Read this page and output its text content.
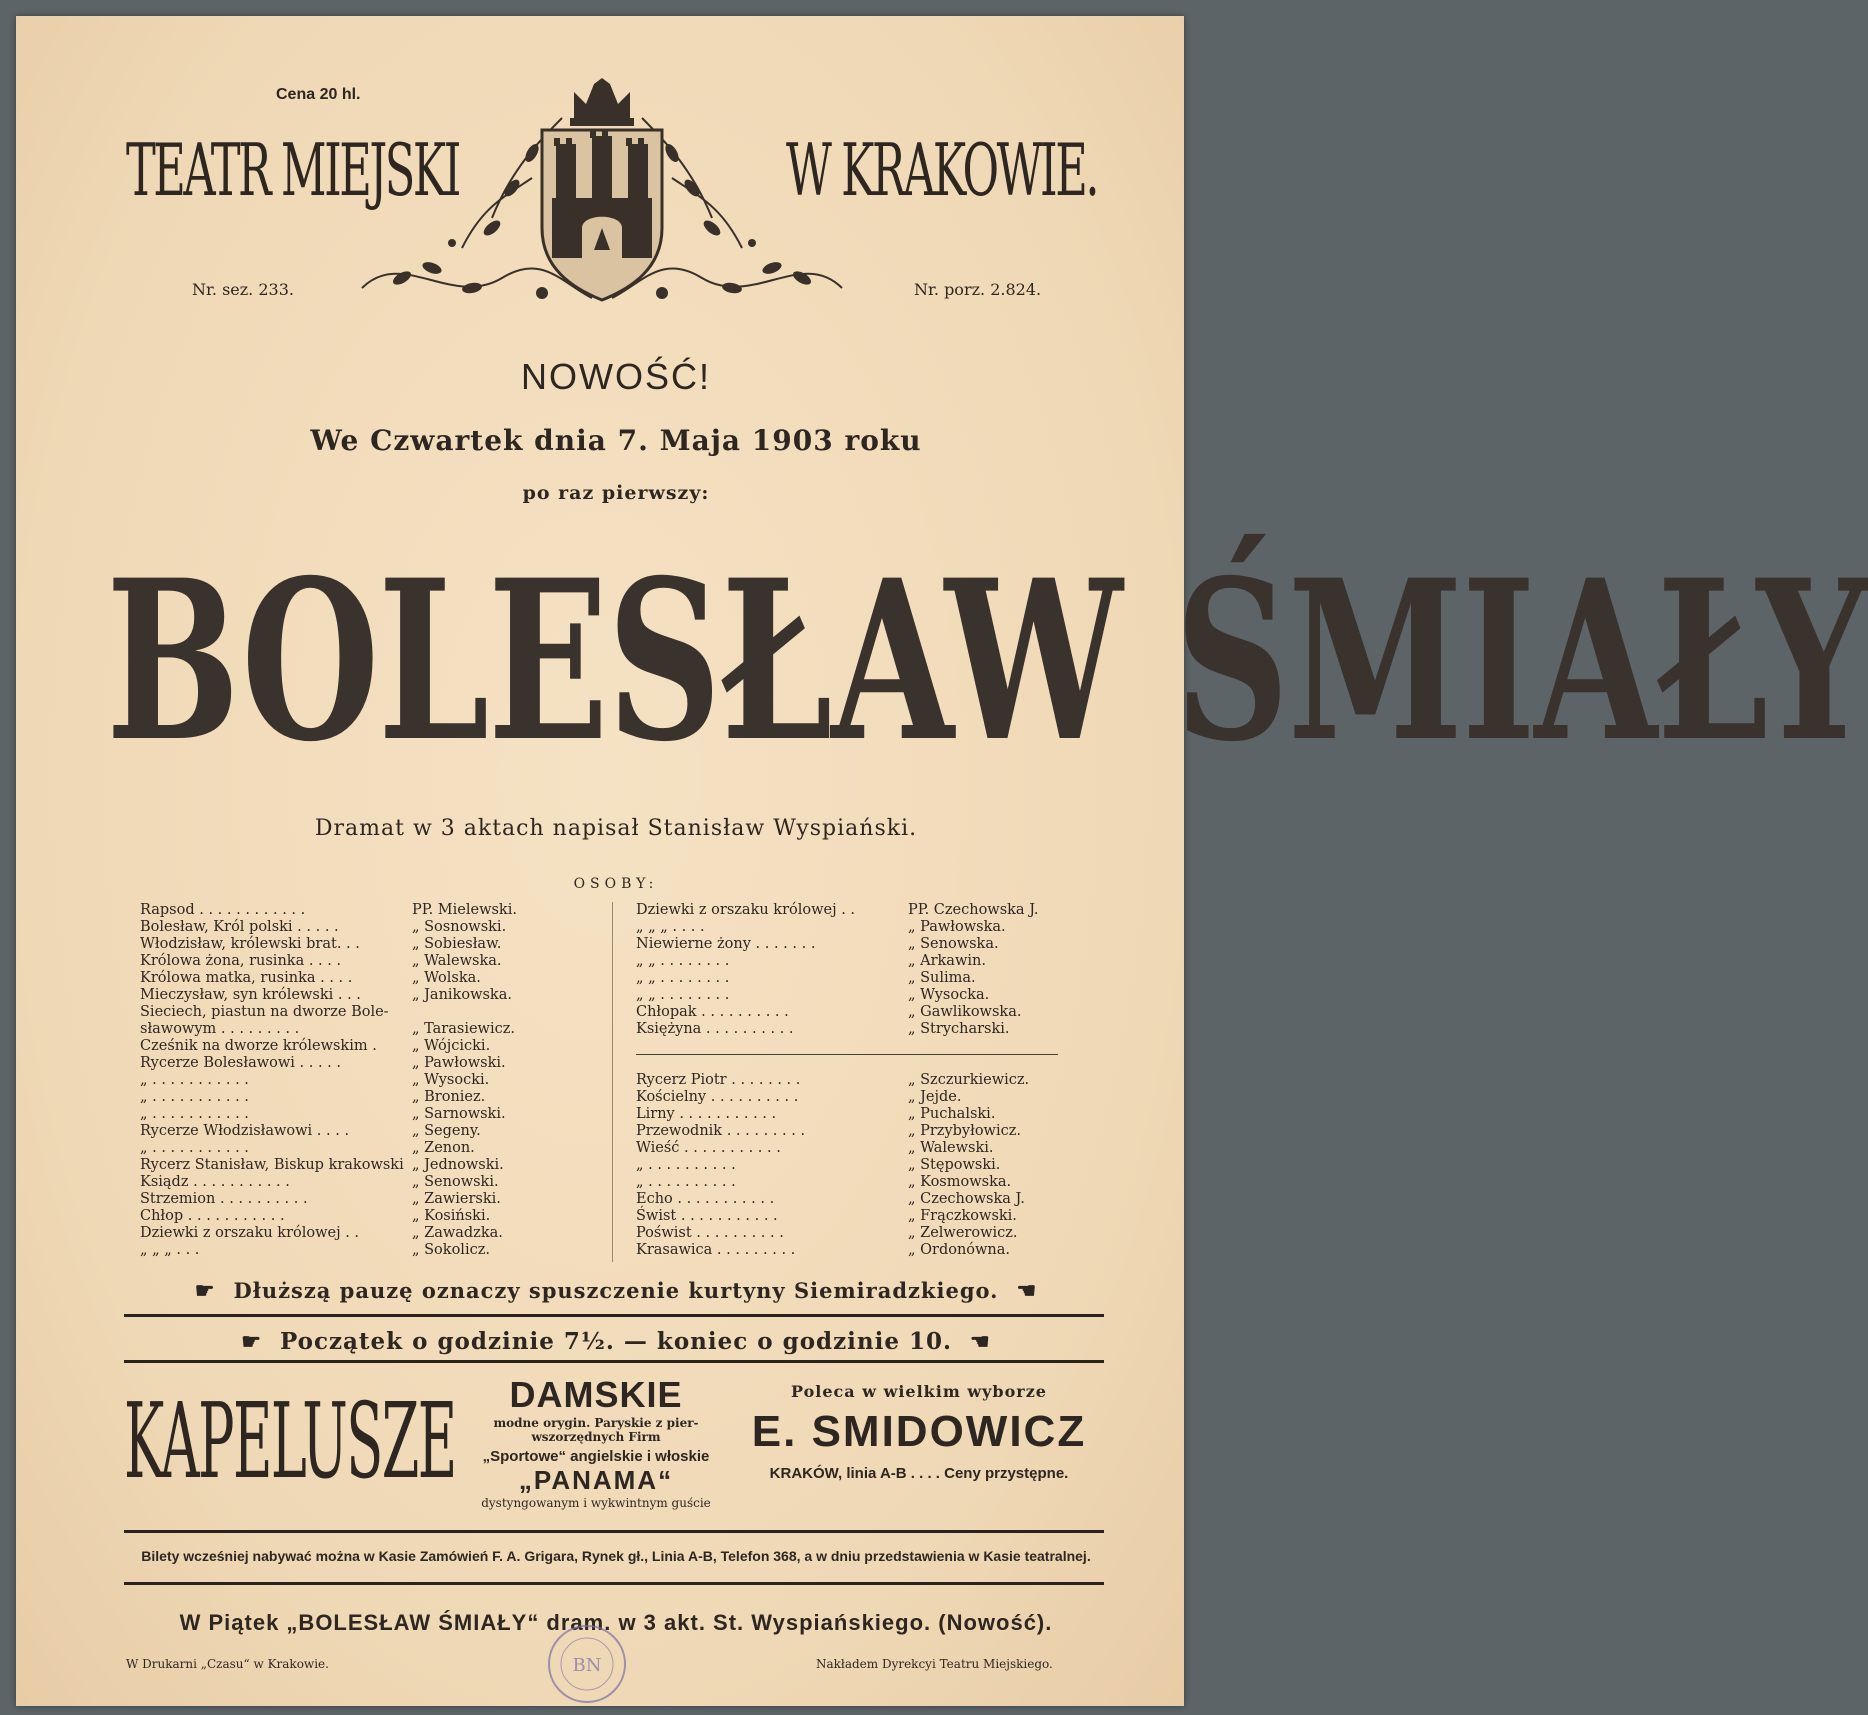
Cena 20 hl.
TEATR MIEJSKI	W KRAKOWIE.
Nr. sez. 233.	Nr. porz. 2.824.
NOWOŚĆ!
We Czwartek dnia 7. Maja 1903 roku
po raz pierwszy:
BOLESŁAW ŚMIAŁY
Dramat w 3 aktach napisał Stanisław Wyspiański.
OSOBY:
Rapsod . . . . . . . . . . . .	PP. Mielewski.
Bolesław, Król polski . . . . .	„ Sosnowski.
Włodzisław, królewski brat. . .	„ Sobiesław.
Królowa żona, rusinka . . . .	„ Walewska.
Królowa matka, rusinka . . . .	„ Wolska.
Mieczysław, syn królewski . . .	„ Janikowska.
Sieciech, piastun na dworze Bole-
sławowym . . . . . . . . .	„ Tarasiewicz.
Cześnik na dworze królewskim . „ Wójcicki.
Rycerze Bolesławowi . . . . .	„ Pawłowski.
„ . . . . . . . . . . .	„ Wysocki.
„ . . . . . . . . . . .	„ Broniez.
„ . . . . . . . . . . .	„ Sarnowski.
Rycerze Włodzisławowi . . . .	„ Segeny.
„ . . . . . . . . . . .	„ Zenon.
Rycerz Stanisław, Biskup krakowski „ Jednowski.
Ksiądz . . . . . . . . . . .	„ Senowski.
Strzemion . . . . . . . . . .	„ Zawierski.
Chłop . . . . . . . . . . .	„ Kosiński.
Dziewki z orszaku królowej . .	„ Zawadzka.
„ „ „ . . .	„ Sokolicz.
Dziewki z orszaku królowej . .	PP. Czechowska J.
„ „ „ . . . .	„ Pawłowska.
Niewierne żony . . . . . . .	„ Senowska.
„ „ . . . . . . . .	„ Arkawin.
„ „ . . . . . . . .	„ Sulima.
„ „ . . . . . . . .	„ Wysocka.
Chłopak . . . . . . . . . .	„ Gawlikowska.
Księżyna . . . . . . . . . .	„ Strycharski.
Rycerz Piotr . . . . . . . .	„ Szczurkiewicz.
Kościelny . . . . . . . . . .	„ Jejde.
Lirny . . . . . . . . . . .	„ Puchalski.
Przewodnik . . . . . . . . .	„ Przybyłowicz.
Wieść . . . . . . . . . . .	„ Walewski.
„ . . . . . . . . . .	„ Stępowski.
„ . . . . . . . . . .	„ Kosmowska.
Echo . . . . . . . . . . .	„ Czechowska J.
Świst . . . . . . . . . . .	„ Frączkowski.
Poświst . . . . . . . . . .	„ Zelwerowicz.
Krasawica . . . . . . . . .	„ Ordonówna.
☛ Dłuższą pauzę oznaczy spuszczenie kurtyny Siemiradzkiego. ☚
☛ Początek o godzinie 7½. — koniec o godzinie 10. ☚
KAPELUSZE	DAMSKIE
modne orygin. Paryskie z pier-
wszorzędnych Firm
„Sportowe“ angielskie i włoskie
„PANAMA“
dystyngowanym i wykwintnym guście
Poleca w wielkim wyborze
E. SMIDOWICZ
KRAKÓW, linia A-B . . . . Ceny przystępne.
Bilety wcześniej nabywać można w Kasie Zamówień F. A. Grigara, Rynek gł., Linia A-B, Telefon 368, a w dniu przedstawienia w Kasie teatralnej.
W Piątek „BOLESŁAW ŚMIAŁY“ dram. w 3 akt. St. Wyspiańskiego. (Nowość).
W Drukarni „Czasu“ w Krakowie.	Nakładem Dyrekcyi Teatru Miejskiego.
BN
